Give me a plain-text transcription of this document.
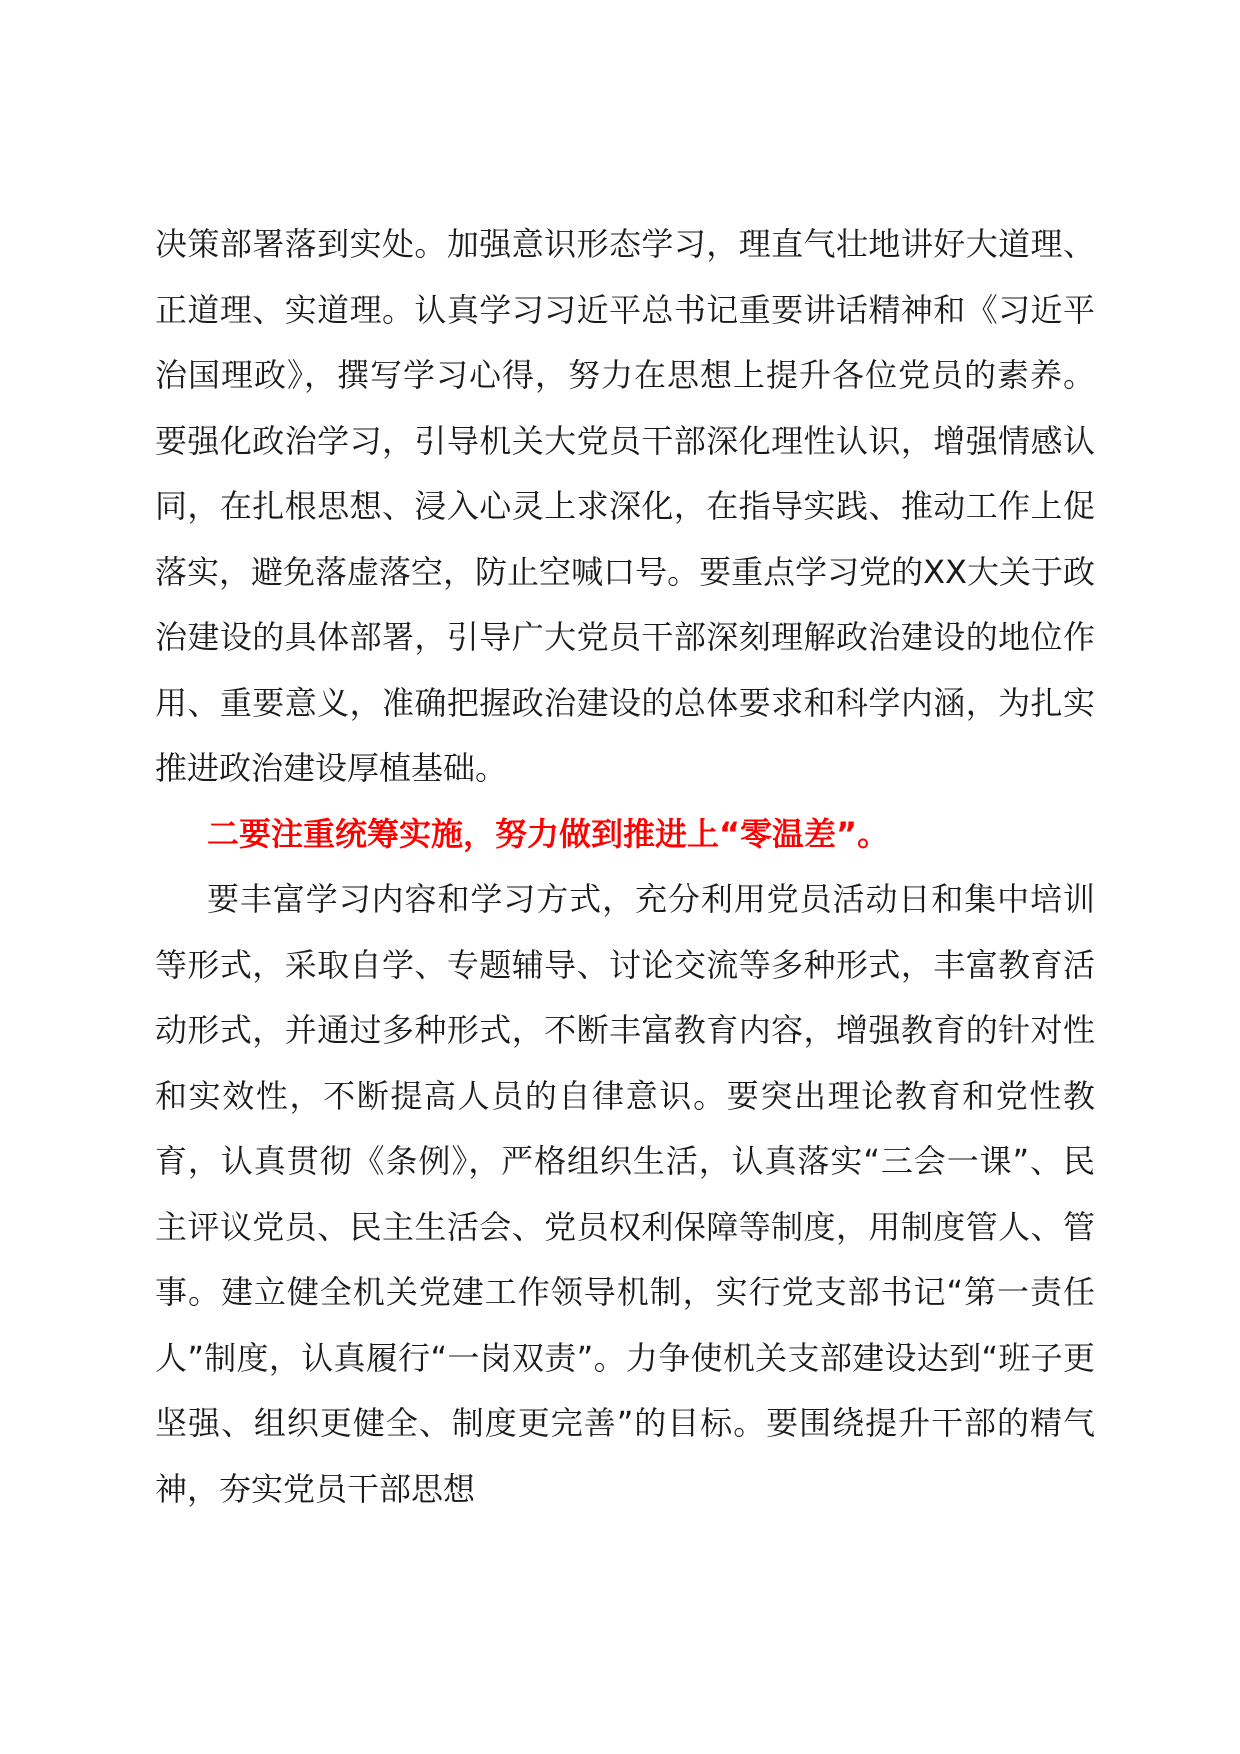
决策部署落到实处。加强意识形态学习，理直气壮地讲好大道理、正道理、实道理。认真学习习近平总书记重要讲话精神和《习近平治国理政》，撰写学习心得，努力在思想上提升各位党员的素养。要强化政治学习，引导机关大党员干部深化理性认识，增强情感认同，在扎根思想、浸入心灵上求深化，在指导实践、推动工作上促落实，避免落虚落空，防止空喊口号。要重点学习党的XX大关于政治建设的具体部署，引导广大党员干部深刻理解政治建设的地位作用、重要意义，准确把握政治建设的总体要求和科学内涵，为扎实推进政治建设厚植基础。

二要注重统筹实施，努力做到推进上“零温差”。

要丰富学习内容和学习方式，充分利用党员活动日和集中培训等形式，采取自学、专题辅导、讨论交流等多种形式，丰富教育活动形式，并通过多种形式，不断丰富教育内容，增强教育的针对性和实效性，不断提高人员的自律意识。要突出理论教育和党性教育，认真贯彻《条例》，严格组织生活，认真落实“三会一课”、民主评议党员、民主生活会、党员权利保障等制度，用制度管人、管事。建立健全机关党建工作领导机制，实行党支部书记“第一责任人”制度，认真履行“一岗双责”。力争使机关支部建设达到“班子更坚强、组织更健全、制度更完善”的目标。要围绕提升干部的精气神，夯实党员干部思想
